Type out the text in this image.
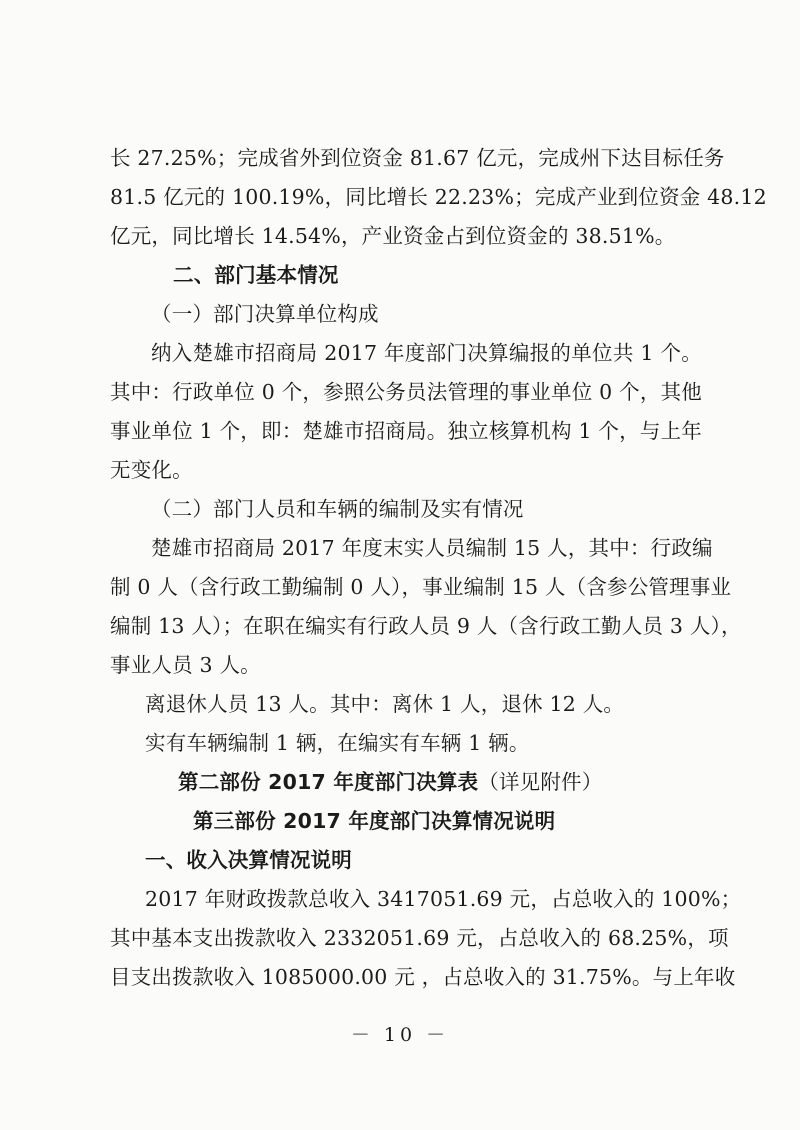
长 27.25%；完成省外到位资金 81.67 亿元，完成州下达目标任务
81.5 亿元的 100.19%，同比增长 22.23%；完成产业到位资金 48.12
亿元，同比增长 14.54%，产业资金占到位资金的 38.51%。
二、部门基本情况
（一）部门决算单位构成
纳入楚雄市招商局 2017 年度部门决算编报的单位共 1 个。
其中：行政单位 0 个，参照公务员法管理的事业单位 0 个，其他
事业单位 1 个，即：楚雄市招商局。独立核算机构 1 个，与上年
无变化。
（二）部门人员和车辆的编制及实有情况
楚雄市招商局 2017 年度末实人员编制 15 人，其中：行政编
制 0 人（含行政工勤编制 0 人），事业编制 15 人（含参公管理事业
编制 13 人）；在职在编实有行政人员 9 人（含行政工勤人员 3 人），
事业人员 3 人。
离退休人员 13 人。其中：离休 1 人，退休 12 人。
实有车辆编制 1 辆，在编实有车辆 1 辆。
第二部份 2017 年度部门决算表（详见附件）
第三部份 2017 年度部门决算情况说明
一、收入决算情况说明
2017 年财政拨款总收入 3417051.69 元，占总收入的 100%；
其中基本支出拨款收入 2332051.69 元，占总收入的 68.25%，项
目支出拨款收入 1085000.00 元 ，占总收入的 31.75%。与上年收
－ 10 －
